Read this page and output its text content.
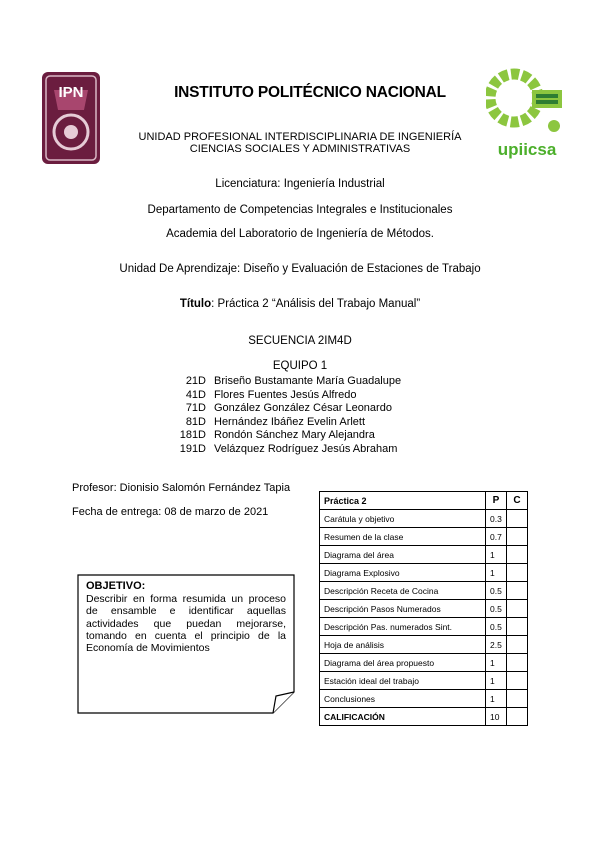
IPN
upiicsa
INSTITUTO POLITÉCNICO NACIONAL
UNIDAD PROFESIONAL INTERDISCIPLINARIA DE INGENIERÍA
CIENCIAS SOCIALES Y ADMINISTRATIVAS
Licenciatura: Ingeniería Industrial
Departamento de Competencias Integrales e Institucionales
Academia del Laboratorio de Ingeniería de Métodos.
Unidad De Aprendizaje: Diseño y Evaluación de Estaciones de Trabajo
Título: Práctica 2 “Análisis del Trabajo Manual”
SECUENCIA 2IM4D
EQUIPO 1
21D Briseño Bustamante María Guadalupe
41D Flores Fuentes Jesús Alfredo
71D González González César Leonardo
81D Hernández Ibáñez Evelin Arlett
181D Rondón Sánchez Mary Alejandra
191D Velázquez Rodríguez Jesús Abraham
Profesor: Dionisio Salomón Fernández Tapia
Fecha de entrega: 08 de marzo de 2021
OBJETIVO:
Describir en forma resumida un proceso de ensamble e identificar aquellas actividades que puedan mejorarse, tomando en cuenta el principio de la Economía de Movimientos
Práctica 2	P	C
Carátula y objetivo	0.3	
Resumen de la clase	0.7	
Diagrama del área	1	
Diagrama Explosivo	1	
Descripción Receta de Cocina	0.5	
Descripción Pasos Numerados	0.5	
Descripción Pas. numerados Sint.	0.5	
Hoja de análisis	2.5	
Diagrama del área propuesto	1	
Estación ideal del trabajo	1	
Conclusiones	1	
CALIFICACIÓN	10	
